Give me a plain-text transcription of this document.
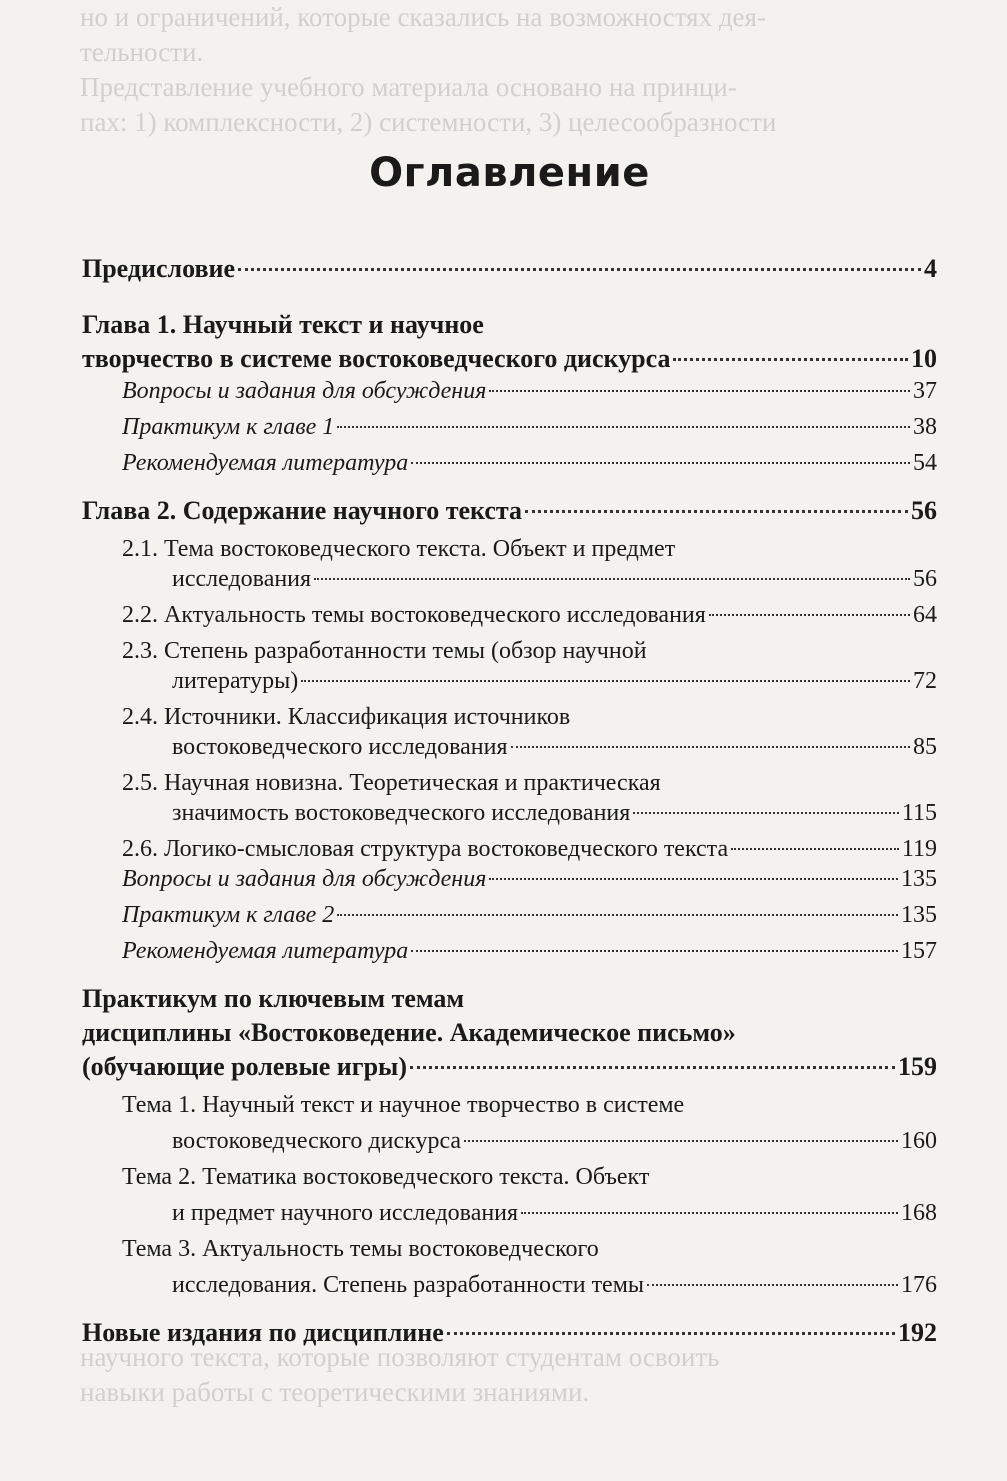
но и ограничений, которые сказались на возможностях дея-
тельности.
Представление учебного материала основано на принци-
пах: 1) комплексности, 2) системности, 3) целесообразности
Оглавление
Предисловие	4
Глава 1. Научный текст и научное
творчество в системе востоковедческого дискурса	10
Вопросы и задания для обсуждения	37
Практикум к главе 1	38
Рекомендуемая литература	54
Глава 2. Содержание научного текста	56
2.1. Тема востоковедческого текста. Объект и предмет
исследования	56
2.2. Актуальность темы востоковедческого исследования	64
2.3. Степень разработанности темы (обзор научной
литературы)	72
2.4. Источники. Классификация источников
востоковедческого исследования	85
2.5. Научная новизна. Теоретическая и практическая
значимость востоковедческого исследования	115
2.6. Логико-смысловая структура востоковедческого текста	119
Вопросы и задания для обсуждения	135
Практикум к главе 2	135
Рекомендуемая литература	157
Практикум по ключевым темам
дисциплины «Востоковедение. Академическое письмо»
(обучающие ролевые игры)	159
Тема 1. Научный текст и научное творчество в системе
востоковедческого дискурса	160
Тема 2. Тематика востоковедческого текста. Объект
и предмет научного исследования	168
Тема 3. Актуальность темы востоковедческого
исследования. Степень разработанности темы	176
Новые издания по дисциплине	192
научного текста, которые позволяют студентам освоить
навыки работы с теоретическими знаниями.
